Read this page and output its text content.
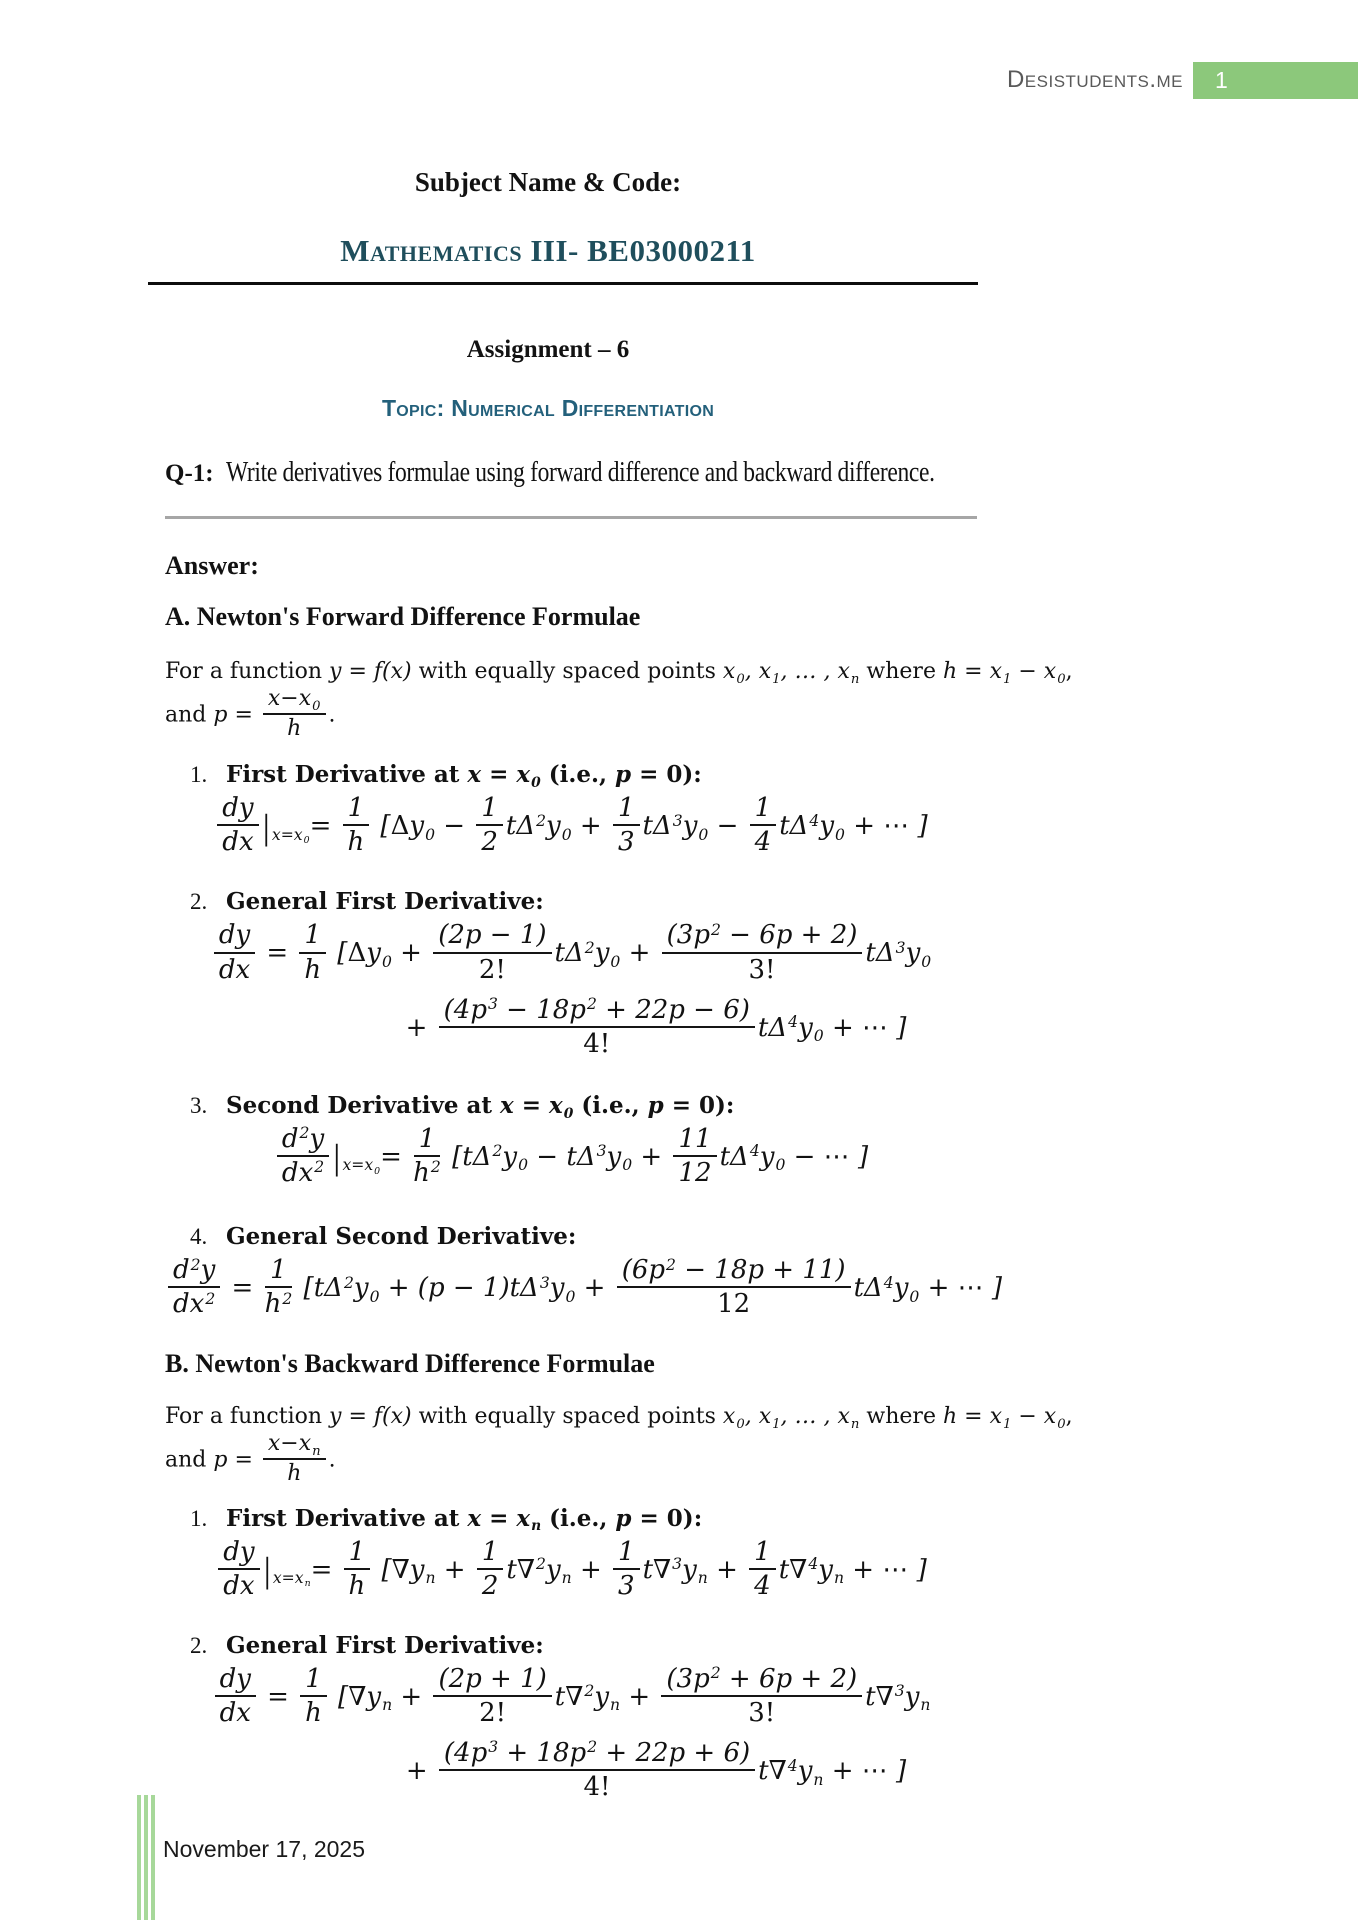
Desistudents.me 1
Subject Name & Code:
Mathematics III- BE03000211
Assignment – 6
Topic: Numerical Differentiation
Q-1: Write derivatives formulae using forward difference and backward difference.
Answer:
A. Newton's Forward Difference Formulae
For a function y = f(x) with equally spaced points $x_0$, $x_1$, … , $x_n$ where $h = x_1 - x_0$,
and $p = \frac{x-x_0}{h}$ .
1. First Derivative at $x = x_0$ (i.e., p = 0):
$\frac{dy}{dx}$ | $_{x=x_0}= \frac{1}{h} [\Delta y_0 - \frac{1}{2} t\Delta^2y_0 + \frac{1}{3} t\Delta^3y_0 - \frac{1}{4} t\Delta^4y_0$ + ⋯ ]
2. General First Derivative:
$\frac{dy}{dx} = \frac{1}{h} [\Delta y_0 + \frac{(2p - 1)}{2!} t\Delta^2y_0 + \frac{(3p^2 - 6p + 2)}{3!} t\Delta^3y_0$
+ $\frac{(4p^3 - 18p^2 + 22p - 6)}{4!} t\Delta^4y_0$ + ⋯ ]
3. Second Derivative at $x = x_0$ (i.e., p = 0):
$\frac{d^2y}{dx^2}$ | $_{x=x_0}= \frac{1}{h^2} [t\Delta^2y_0 - t\Delta^3y_0 + \frac{11}{12} t\Delta^4y_0$ − ⋯ ]
4. General Second Derivative:
$\frac{d^2y}{dx^2} = \frac{1}{h^2} [t\Delta^2y_0 + (p - 1)t\Delta^3y_0 + \frac{(6p^2 - 18p + 11)}{12} t\Delta^4y_0$ + ⋯ ]
B. Newton's Backward Difference Formulae
For a function y = f(x) with equally spaced points $x_0$, $x_1$, … , $x_n$ where $h = x_1 - x_0$,
and $p = \frac{x-x_n}{h}$ .
1. First Derivative at $x = x_n$ (i.e., p = 0):
$\frac{dy}{dx}$ | $_{x=x_n}= \frac{1}{h} [\nabla y_n + \frac{1}{2} t\nabla^2y_n + \frac{1}{3} t\nabla^3y_n + \frac{1}{4} t\nabla^4y_n$ + ⋯ ]
2. General First Derivative:
$\frac{dy}{dx} = \frac{1}{h} [\nabla y_n + \frac{(2p + 1)}{2!} t\nabla^2y_n + \frac{(3p^2 + 6p + 2)}{3!} t\nabla^3y_n$
+ $\frac{(4p^3 + 18p^2 + 22p + 6)}{4!} t\nabla^4y_n$ + ⋯ ]
November 17, 2025
